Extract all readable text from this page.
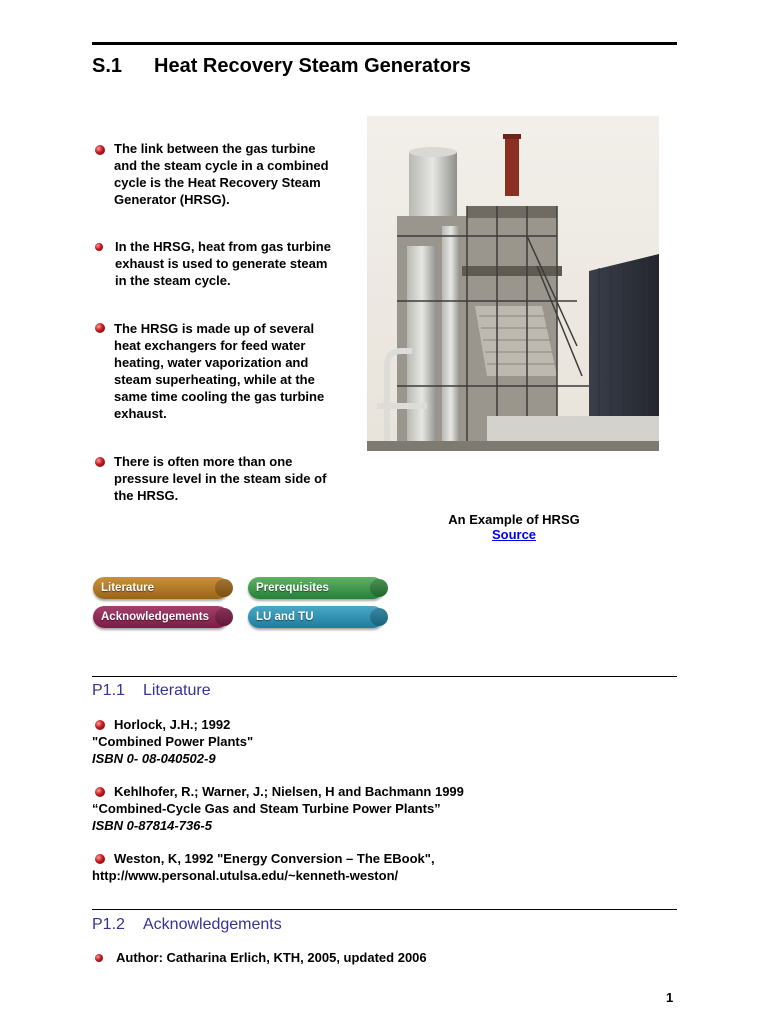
S.1 Heat Recovery Steam Generators
The link between the gas turbine
and the steam cycle in a combined
cycle is the Heat Recovery Steam
Generator (HRSG).
In the HRSG, heat from gas turbine
exhaust is used to generate steam
in the steam cycle.
The HRSG is made up of several
heat exchangers for feed water
heating, water vaporization and
steam superheating, while at the
same time cooling the gas turbine
exhaust.
There is often more than one
pressure level in the steam side of
the HRSG.
An Example of HRSG
Source
Literature	Prerequisites
Acknowledgements	LU and TU
P1.1 Literature
Horlock, J.H.; 1992
"Combined Power Plants"
ISBN 0- 08-040502-9
Kehlhofer, R.; Warner, J.; Nielsen, H and Bachmann 1999
“Combined-Cycle Gas and Steam Turbine Power Plants”
ISBN 0-87814-736-5
Weston, K, 1992 "Energy Conversion – The EBook",
http://www.personal.utulsa.edu/~kenneth-weston/
P1.2 Acknowledgements
Author: Catharina Erlich, KTH, 2005, updated 2006
1
